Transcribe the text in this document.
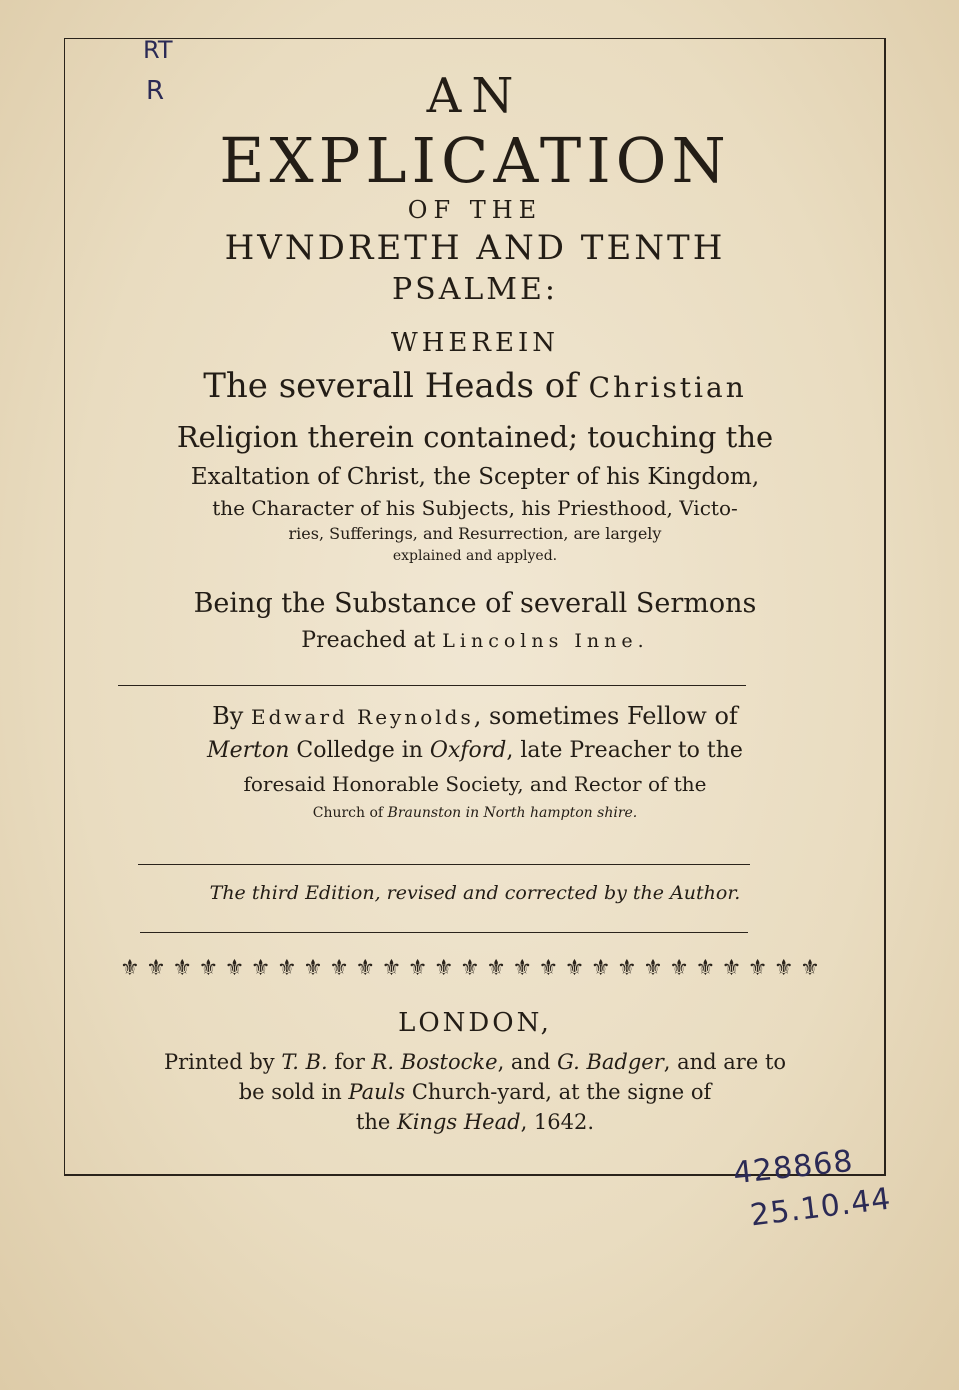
RT
R
428868
25.10.44
AN
EXPLICATION
OF THE
HVNDRETH AND TENTH
PSALME:
WHEREIN
The severall Heads of Christian
Religion therein contained; touching the
Exaltation of Christ, the Scepter of his Kingdom,
the Character of his Subjects, his Priesthood, Victo-
ries, Sufferings, and Resurrection, are largely
explained and applyed.
Being the Substance of severall Sermons
Preached at Lincolns Inne.
By Edward Reynolds, sometimes Fellow of
Merton Colledge in Oxford, late Preacher to the
foresaid Honorable Society, and Rector of the
Church of Braunston in North hampton shire.
The third Edition, revised and corrected by the Author.
⚜ ⚜ ⚜ ⚜ ⚜ ⚜ ⚜ ⚜ ⚜ ⚜ ⚜ ⚜ ⚜ ⚜ ⚜ ⚜ ⚜ ⚜ ⚜ ⚜ ⚜ ⚜ ⚜ ⚜ ⚜ ⚜ ⚜
LONDON,
Printed by T. B. for R. Bostocke, and G. Badger, and are to
be sold in Pauls Church-yard, at the signe of
the Kings Head, 1642.
